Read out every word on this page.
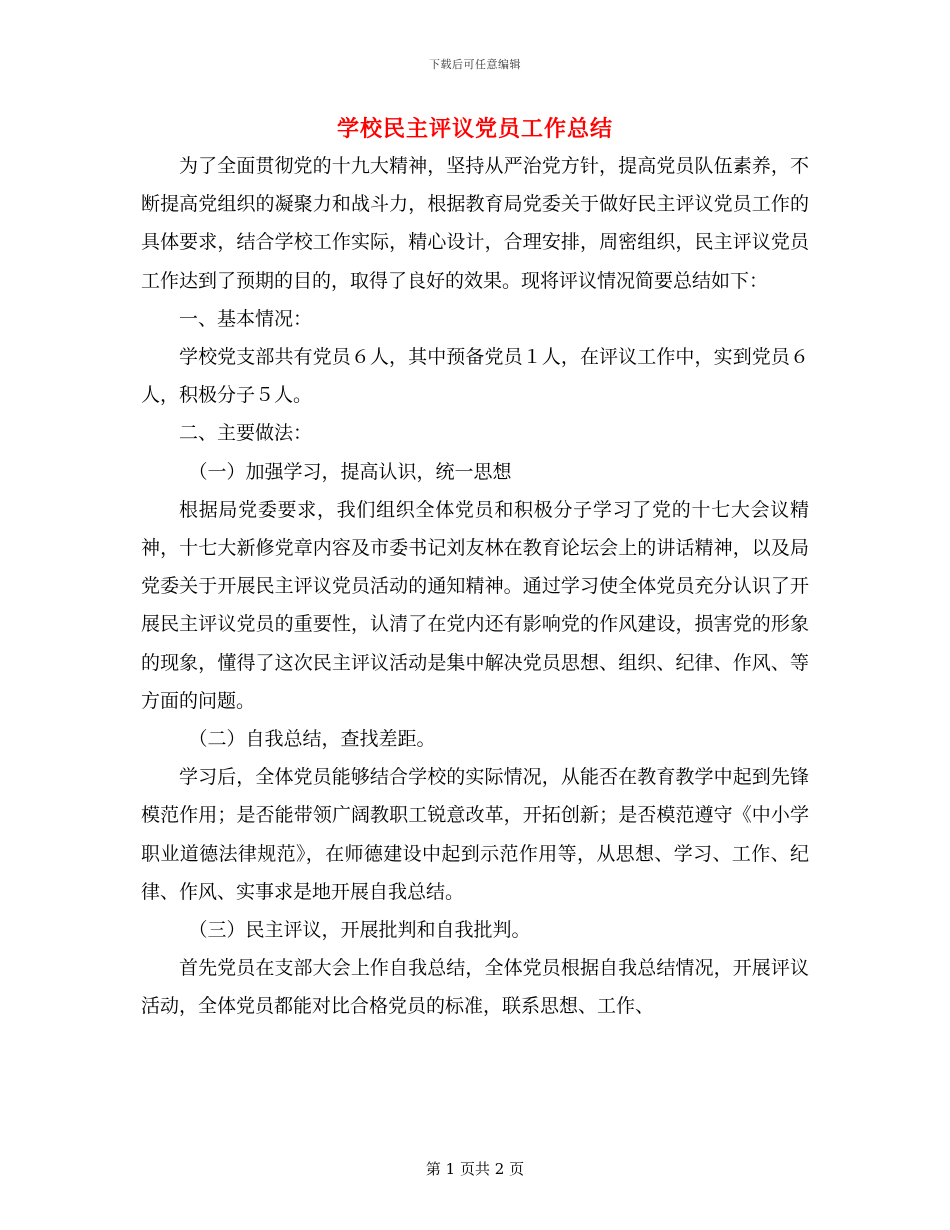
下载后可任意编辑
学校民主评议党员工作总结

为了全面贯彻党的十九大精神，坚持从严治党方针，提高党员队伍素养，不断提高党组织的凝聚力和战斗力，根据教育局党委关于做好民主评议党员工作的具体要求，结合学校工作实际，精心设计，合理安排，周密组织，民主评议党员工作达到了预期的目的，取得了良好的效果。现将评议情况简要总结如下：

一、基本情况：

学校党支部共有党员６人，其中预备党员１人，在评议工作中，实到党员６人，积极分子５人。

二、主要做法：

（一）加强学习，提高认识，统一思想

根据局党委要求，我们组织全体党员和积极分子学习了党的十七大会议精神，十七大新修党章内容及市委书记刘友林在教育论坛会上的讲话精神，以及局党委关于开展民主评议党员活动的通知精神。通过学习使全体党员充分认识了开展民主评议党员的重要性，认清了在党内还有影响党的作风建设，损害党的形象的现象，懂得了这次民主评议活动是集中解决党员思想、组织、纪律、作风、等方面的问题。

（二）自我总结，查找差距。

学习后，全体党员能够结合学校的实际情况，从能否在教育教学中起到先锋模范作用；是否能带领广阔教职工锐意改革，开拓创新；是否模范遵守《中小学职业道德法律规范》，在师德建设中起到示范作用等，从思想、学习、工作、纪律、作风、实事求是地开展自我总结。

（三）民主评议，开展批判和自我批判。

首先党员在支部大会上作自我总结，全体党员根据自我总结情况，开展评议活动，全体党员都能对比合格党员的标准，联系思想、工作、

第 1 页共 2 页
